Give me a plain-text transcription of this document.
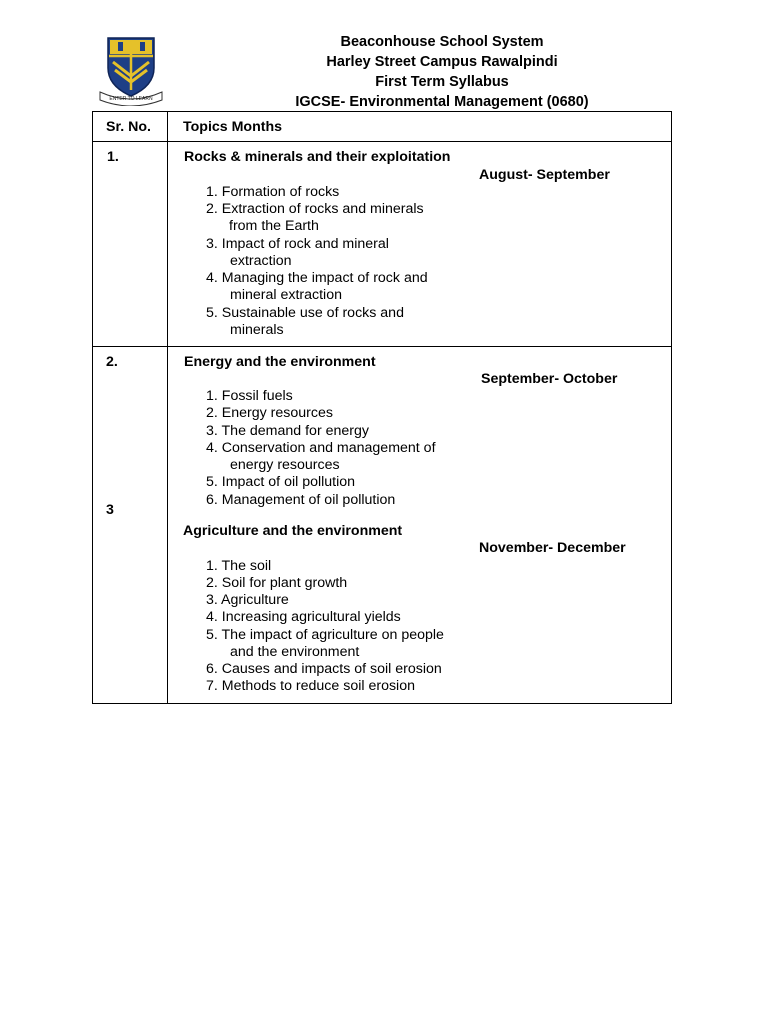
ENTER TO LEARN
Beaconhouse School System
Harley Street Campus Rawalpindi
First Term Syllabus
IGCSE- Environmental Management (0680)
Sr. No. Topics Months
1.	Rocks & minerals and their exploitation
August- September
1. Formation of rocks
2. Extraction of rocks and minerals
from the Earth
3. Impact of rock and mineral
extraction
4. Managing the impact of rock and
mineral extraction
5. Sustainable use of rocks and
minerals
2.	Energy and the environment
September- October
1. Fossil fuels
2. Energy resources
3. The demand for energy
4. Conservation and management of
energy resources
5. Impact of oil pollution
6. Management of oil pollution
3
Agriculture and the environment
November- December
1. The soil
2. Soil for plant growth
3. Agriculture
4. Increasing agricultural yields
5. The impact of agriculture on people
and the environment
6. Causes and impacts of soil erosion
7. Methods to reduce soil erosion
